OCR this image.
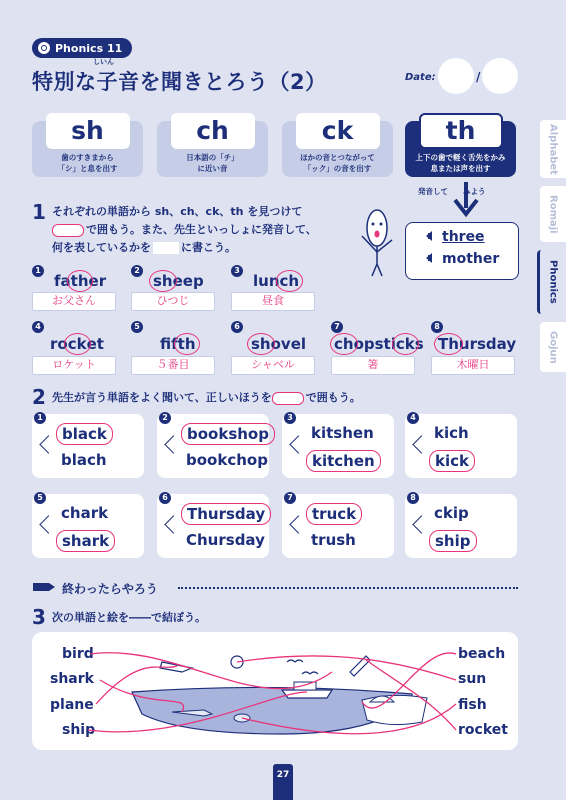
Phonics 11
しいん
特別な子音を聞きとろう（2）	Date:	/
Alphabet
Romaji
Phonics
Gojun
sh
歯のすきまから
「シ」と息を出す
ch
日本語の「チ」
に近い音
ck
ほかの音とつながって
「ック」の音を出す
th
上下の歯で軽く舌先をかみ
息または声を出す
発音して　　みよう
three
mother
1 それぞれの単語から sh、ch、ck、th を見つけて
で囲もう。また、先生といっしょに発音して、
何を表しているかを	に書こう。
1
father
お父さん
2
sheep
ひつじ
3
lunch
昼食
4
rocket
ロケット
5
fifth
５番目
6
shovel
シャベル
7
chopsticks
箸
8
Thursday
木曜日
2 先生が言う単語をよく聞いて、正しいほうを	で囲もう。
1
black
blach
2
bookshop
bookchop
3
kitshen
kitchen
4
kich
kick
5
chark
shark
6
Thursday
Chursday
7
truck
trush
8
ckip
ship
終わったらやろう
3 次の単語と絵を――で結ぼう。
bird
shark
plane
ship
beach
sun
fish
rocket
27
